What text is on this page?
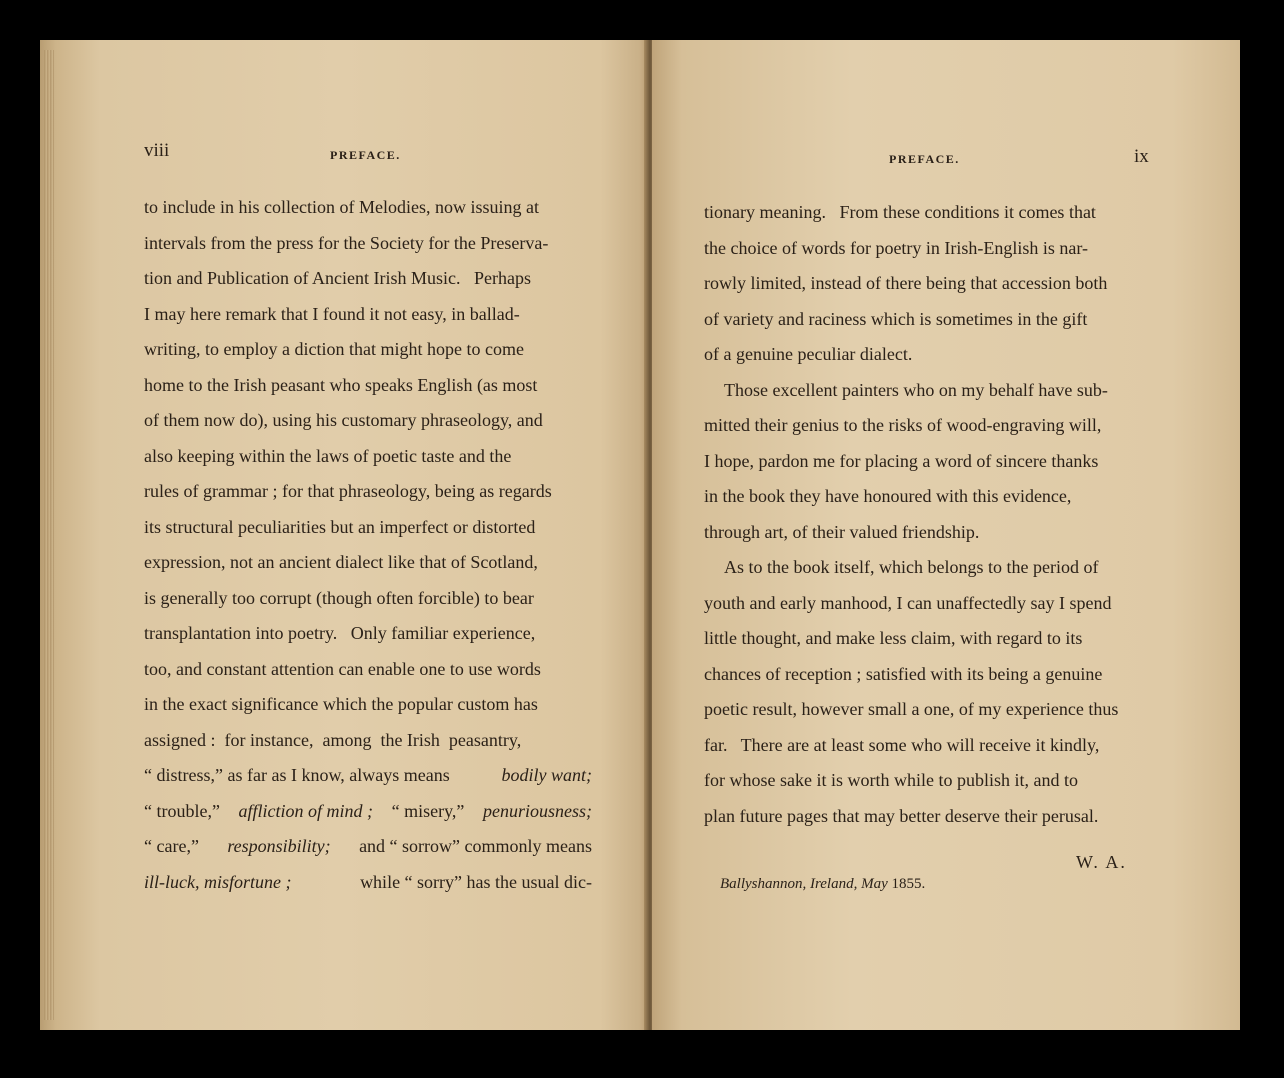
viii	PREFACE.
to include in his collection of Melodies, now issuing at
intervals from the press for the Society for the Preserva-
tion and Publication of Ancient Irish Music.   Perhaps
I may here remark that I found it not easy, in ballad-
writing, to employ a diction that might hope to come
home to the Irish peasant who speaks English (as most
of them now do), using his customary phraseology, and
also keeping within the laws of poetic taste and the
rules of grammar ; for that phraseology, being as regards
its structural peculiarities but an imperfect or distorted
expression, not an ancient dialect like that of Scotland,
is generally too corrupt (though often forcible) to bear
transplantation into poetry.   Only familiar experience,
too, and constant attention can enable one to use words
in the exact significance which the popular custom has
assigned :  for instance,  among  the Irish  peasantry,
“ distress,” as far as I know, always means	bodily want;
“ trouble,” affliction of mind ; “ misery,” penuriousness;
“ care,” responsibility; and “ sorrow” commonly means
ill-luck, misfortune ;	while “ sorry” has the usual dic-
PREFACE.	ix
tionary meaning.   From these conditions it comes that
the choice of words for poetry in Irish-English is nar-
rowly limited, instead of there being that accession both
of variety and raciness which is sometimes in the gift
of a genuine peculiar dialect.
Those excellent painters who on my behalf have sub-
mitted their genius to the risks of wood-engraving will,
I hope, pardon me for placing a word of sincere thanks
in the book they have honoured with this evidence,
through art, of their valued friendship.
As to the book itself, which belongs to the period of
youth and early manhood, I can unaffectedly say I spend
little thought, and make less claim, with regard to its
chances of reception ; satisfied with its being a genuine
poetic result, however small a one, of my experience thus
far.   There are at least some who will receive it kindly,
for whose sake it is worth while to publish it, and to
plan future pages that may better deserve their perusal.
W. A.
Ballyshannon, Ireland, May 1855.
